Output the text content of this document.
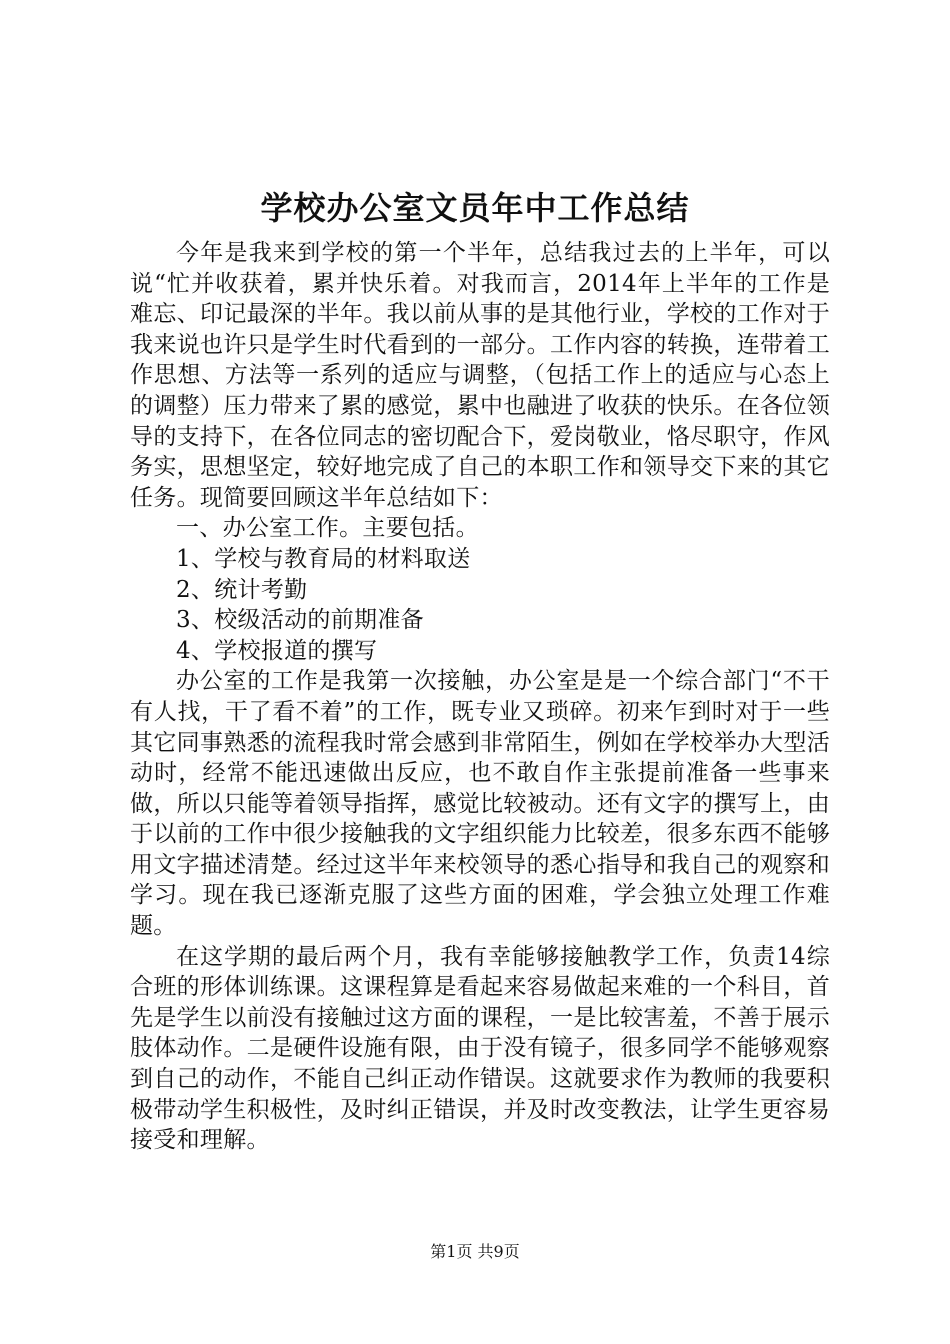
学校办公室文员年中工作总结

今年是我来到学校的第一个半年，总结我过去的上半年，可以说“忙并收获着，累并快乐着。对我而言，2014年上半年的工作是难忘、印记最深的半年。我以前从事的是其他行业，学校的工作对于我来说也许只是学生时代看到的一部分。工作内容的转换，连带着工作思想、方法等一系列的适应与调整，（包括工作上的适应与心态上的调整）压力带来了累的感觉，累中也融进了收获的快乐。在各位领导的支持下，在各位同志的密切配合下，爱岗敬业，恪尽职守，作风务实，思想坚定，较好地完成了自己的本职工作和领导交下来的其它任务。现简要回顾这半年总结如下：

一、办公室工作。主要包括。

1、学校与教育局的材料取送

2、统计考勤

3、校级活动的前期准备

4、学校报道的撰写

办公室的工作是我第一次接触，办公室是是一个综合部门“不干有人找，干了看不着”的工作，既专业又琐碎。初来乍到时对于一些其它同事熟悉的流程我时常会感到非常陌生，例如在学校举办大型活动时，经常不能迅速做出反应，也不敢自作主张提前准备一些事来做，所以只能等着领导指挥，感觉比较被动。还有文字的撰写上，由于以前的工作中很少接触我的文字组织能力比较差，很多东西不能够用文字描述清楚。经过这半年来校领导的悉心指导和我自己的观察和学习。现在我已逐渐克服了这些方面的困难，学会独立处理工作难题。

在这学期的最后两个月，我有幸能够接触教学工作，负责14综合班的形体训练课。这课程算是看起来容易做起来难的一个科目，首先是学生以前没有接触过这方面的课程，一是比较害羞，不善于展示肢体动作。二是硬件设施有限，由于没有镜子，很多同学不能够观察到自己的动作，不能自己纠正动作错误。这就要求作为教师的我要积极带动学生积极性，及时纠正错误，并及时改变教法，让学生更容易接受和理解。

第1页 共9页
